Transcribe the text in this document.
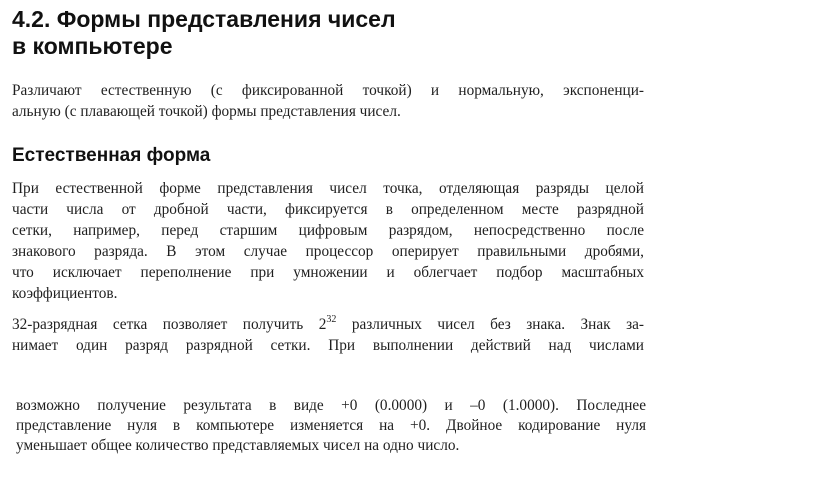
4.2. Формы представления чисел
в компьютере

Различают естественную (с фиксированной точкой) и нормальную, экспоненци-
альную (с плавающей точкой) формы представления чисел.

Естественная форма

При естественной форме представления чисел точка, отделяющая разряды целой
части числа от дробной части, фиксируется в определенном месте разрядной
сетки, например, перед старшим цифровым разрядом, непосредственно после
знакового разряда. В этом случае процессор оперирует правильными дробями,
что исключает переполнение при умножении и облегчает подбор масштабных
коэффициентов.

32-разрядная сетка позволяет получить $2^{32}$ различных чисел без знака. Знак за-
нимает один разряд разрядной сетки. При выполнении действий над числами

возможно получение результата в виде +0 (0.0000) и –0 (1.0000). Последнее
представление нуля в компьютере изменяется на +0. Двойное кодирование нуля
уменьшает общее количество представляемых чисел на одно число.
